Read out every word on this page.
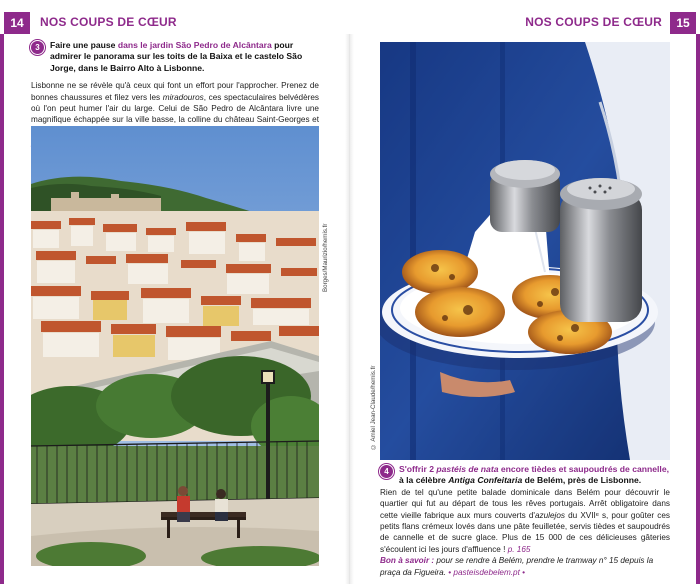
14	NOS COUPS DE CŒUR	NOS COUPS DE CŒUR	15
3	Faire une pause dans le jardin São Pedro de Alcântara pour admirer le panorama sur les toits de la Baixa et le castelo São Jorge, dans le Bairro Alto à Lisbonne.
Lisbonne ne se révèle qu'à ceux qui font un effort pour l'approcher. Prenez de bonnes chaussures et filez vers les miradouros, ces spectaculaires belvédères où l'on peut humer l'air du large. Celui de São Pedro de Alcântara livre une magnifique échappée sur la ville basse, la colline du château Saint-Georges et
Borges/Maurizio/hemis.fr
© Amiel Jean-Claude/hemis.fr
4	S'offrir 2 pastéis de nata encore tièdes et saupoudrés de cannelle,
à la célèbre Antiga Confeitaria de Belém, près de Lisbonne.
Rien de tel qu'une petite balade dominicale dans Belém pour découvrir le quartier qui fut au départ de tous les rêves portugais. Arrêt obligatoire dans cette vieille fabrique aux murs couverts d'azulejos du XVIIᵉ s, pour goûter ces petits flans crémeux lovés dans une pâte feuilletée, servis tièdes et saupoudrés de cannelle et de sucre glace. Plus de 15 000 de ces délicieuses gâteries s'écoulent ici les jours d'affluence ! p. 165
Bon à savoir : pour se rendre à Belém, prendre le tramway n° 15 depuis la praça da Figueira. • pasteisdebelem.pt •
